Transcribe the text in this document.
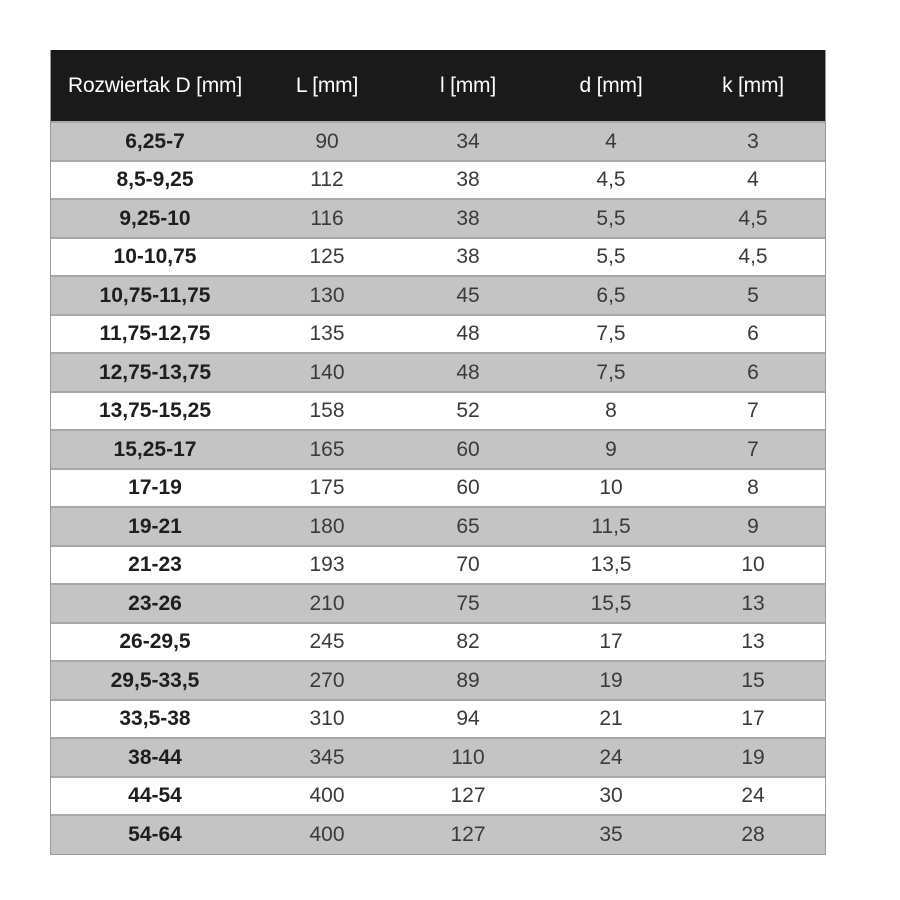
Rozwiertak D [mm]	L [mm]	l [mm]	d [mm]	k [mm]
6,25-7	90	34	4	3
8,5-9,25	112	38	4,5	4
9,25-10	116	38	5,5	4,5
10-10,75	125	38	5,5	4,5
10,75-11,75	130	45	6,5	5
11,75-12,75	135	48	7,5	6
12,75-13,75	140	48	7,5	6
13,75-15,25	158	52	8	7
15,25-17	165	60	9	7
17-19	175	60	10	8
19-21	180	65	11,5	9
21-23	193	70	13,5	10
23-26	210	75	15,5	13
26-29,5	245	82	17	13
29,5-33,5	270	89	19	15
33,5-38	310	94	21	17
38-44	345	110	24	19
44-54	400	127	30	24
54-64	400	127	35	28
